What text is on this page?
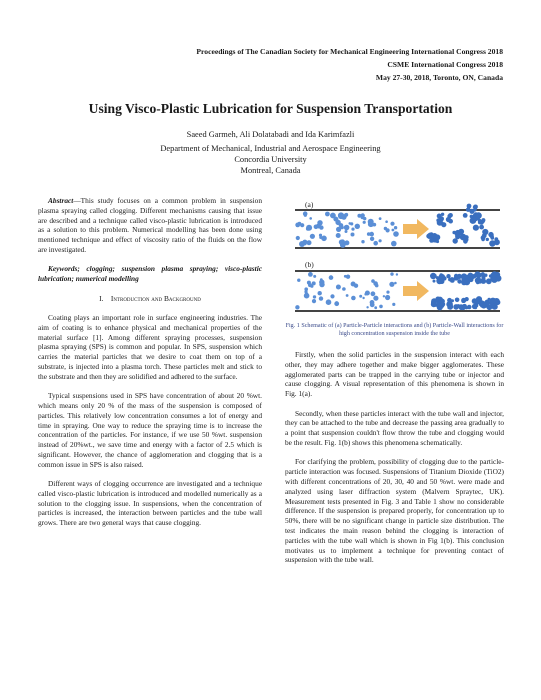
Proceedings of The Canadian Society for Mechanical Engineering International Congress 2018
CSME International Congress 2018
May 27-30, 2018, Toronto, ON, Canada
Using Visco-Plastic Lubrication for Suspension Transportation
Saeed Garmeh, Ali Dolatabadi and Ida Karimfazli
Department of Mechanical, Industrial and Aerospace Engineering
Concordia University
Montreal, Canada

Abstract—This study focuses on a common problem in suspension plasma spraying called clogging. Different mechanisms causing that issue are described and a technique called visco-plastic lubrication is introduced as a solution to this problem. Numerical modelling has been done using mentioned technique and effect of viscosity ratio of the fluids on the flow are investigated.

Keywords; clogging; suspension plasma spraying; visco-plastic lubrication; numerical modelling

I. Introduction and Background

Coating plays an important role in surface engineering industries. The aim of coating is to enhance physical and mechanical properties of the material surface [1]. Among different spraying processes, suspension plasma spraying (SPS) is common and popular. In SPS, suspension which carries the material particles that we desire to coat them on top of a substrate, is injected into a plasma torch. These particles melt and stick to the substrate and then they are solidified and adhered to the surface.

Typical suspensions used in SPS have concentration of about 20 %wt. which means only 20 % of the mass of the suspension is composed of particles. This relatively low concentration consumes a lot of energy and time in spraying. One way to reduce the spraying time is to increase the concentration of the particles. For instance, if we use 50 %wt. suspension instead of 20%wt., we save time and energy with a factor of 2.5 which is significant. However, the chance of agglomeration and clogging that is a common issue in SPS is also raised.

Different ways of clogging occurrence are investigated and a technique called visco-plastic lubrication is introduced and modelled numerically as a solution to the clogging issue. In suspensions, when the concentration of particles is increased, the interaction between particles and the tube wall grows. There are two general ways that cause clogging.

(a)
(b)
Fig. 1 Schematic of (a) Particle-Particle interactions and (b) Particle-Wall interactions for high concentration suspension inside the tube

Firstly, when the solid particles in the suspension interact with each other, they may adhere together and make bigger agglomerates. These agglomerated parts can be trapped in the carrying tube or injector and cause clogging. A visual representation of this phenomena is shown in Fig. 1(a).

Secondly, when these particles interact with the tube wall and injector, they can be attached to the tube and decrease the passing area gradually to a point that suspension couldn't flow throw the tube and clogging would be the result. Fig. 1(b) shows this phenomena schematically.

For clarifying the problem, possibility of clogging due to the particle-particle interaction was focused. Suspensions of Titanium Dioxide (TiO2) with different concentrations of 20, 30, 40 and 50 %wt. were made and analyzed using laser diffraction system (Malvern Spraytec, UK). Measurement tests presented in Fig. 3 and Table 1 show no considerable difference. If the suspension is prepared properly, for concentration up to 50%, there will be no significant change in particle size distribution. The test indicates the main reason behind the clogging is interaction of particles with the tube wall which is shown in Fig 1(b). This conclusion motivates us to implement a technique for preventing contact of suspension with the tube wall.
